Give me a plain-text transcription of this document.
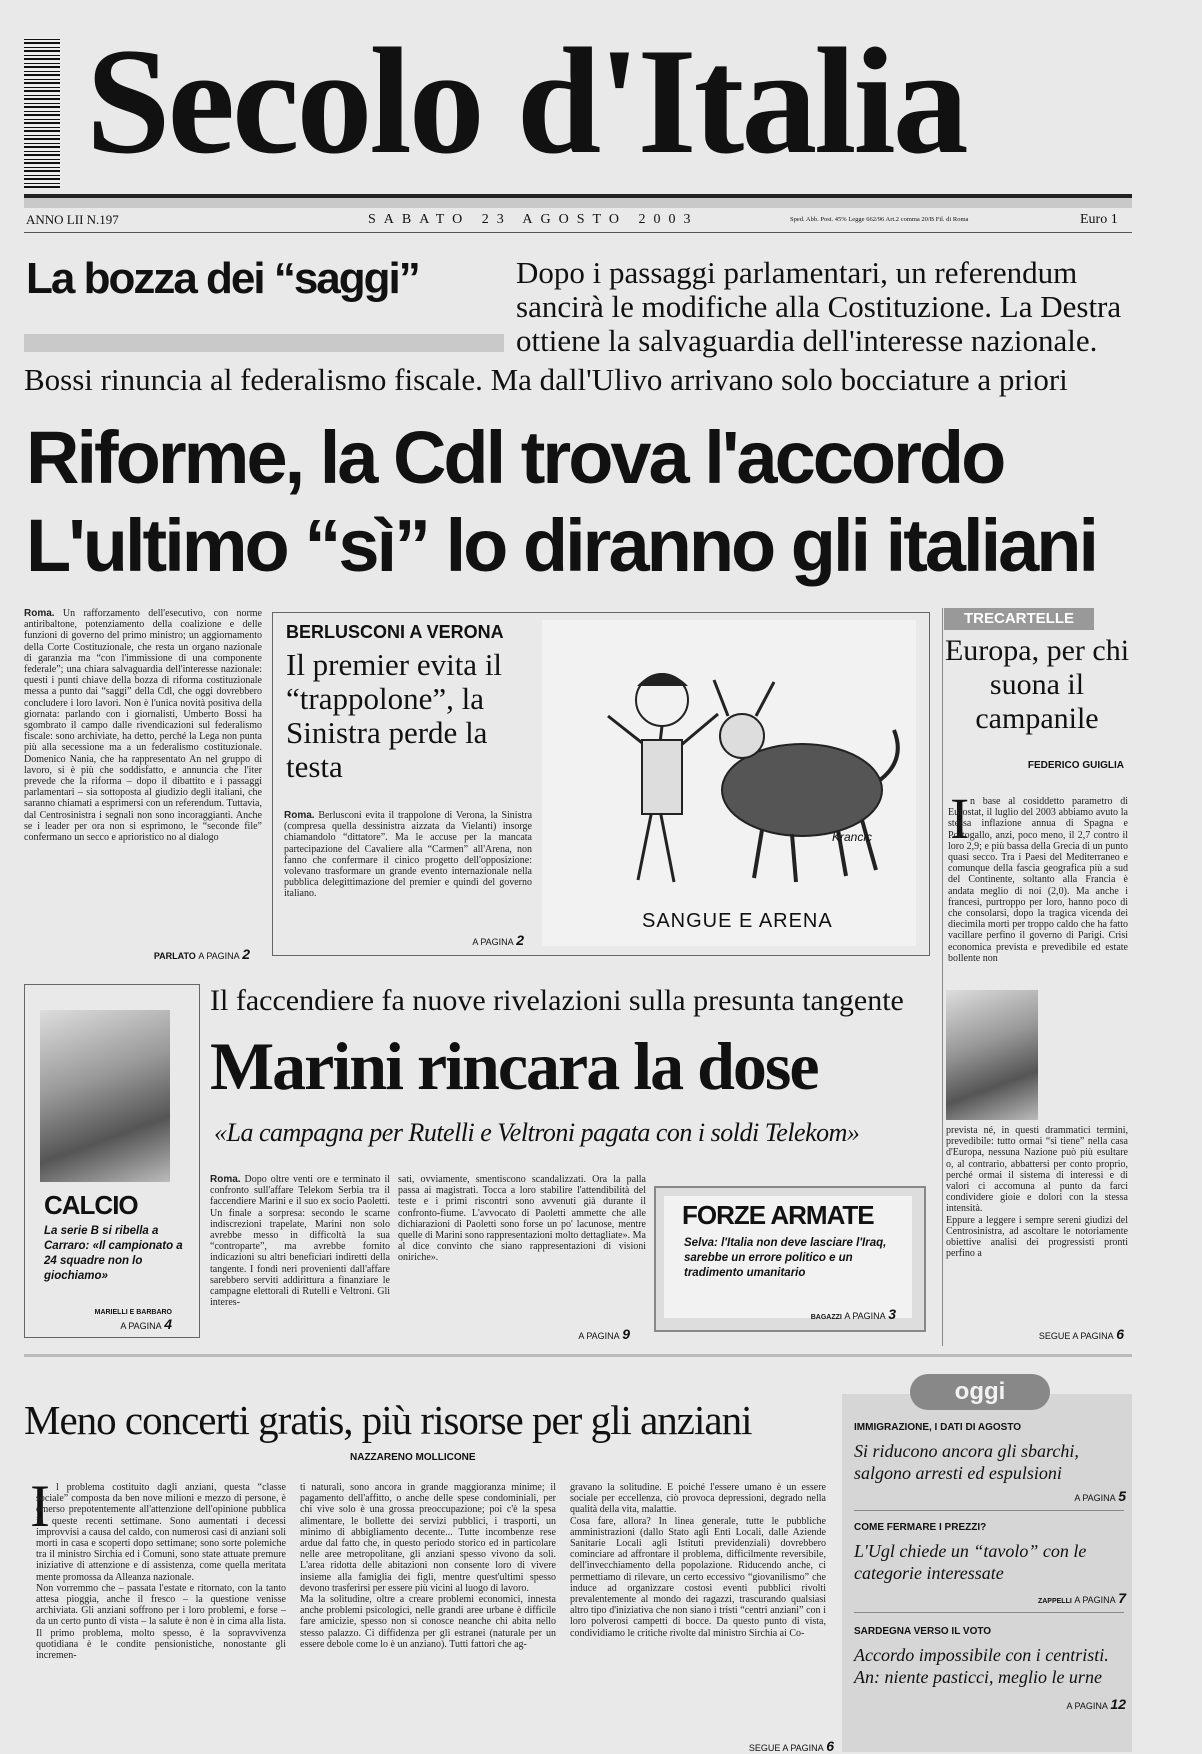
Secolo d'Italia
ANNO LII N.197	SABATO 23 AGOSTO 2003	Sped. Abb. Post. 45% Legge 662/96 Art.2 comma 20/B Fil. di Roma	Euro 1
La bozza dei “saggi”	Dopo i passaggi parlamentari, un referendum sancirà le modifiche alla Costituzione. La Destra ottiene la salvaguardia dell'interesse nazionale.
Bossi rinuncia al federalismo fiscale. Ma dall'Ulivo arrivano solo bocciature a priori
Riforme, la Cdl trova l'accordo
L'ultimo “sì” lo diranno gli italiani
Roma. Un rafforzamento dell'esecutivo, con norme antiribaltone, potenziamento della coalizione e delle funzioni di governo del primo ministro; un aggiornamento della Corte Costituzionale, che resta un organo nazionale di garanzia ma “con l'immissione di una componente federale”; una chiara salvaguardia dell'interesse nazionale: questi i punti chiave della bozza di riforma costituzionale messa a punto dai “saggi” della Cdl, che oggi dovrebbero concludere i loro lavori. Non è l'unica novità positiva della giornata: parlando con i giornalisti, Umberto Bossi ha sgombrato il campo dalle rivendicazioni sul federalismo fiscale: sono archiviate, ha detto, perché la Lega non punta più alla secessione ma a un federalismo costituzionale. Domenico Nania, che ha rappresentato An nel gruppo di lavoro, si è più che soddisfatto, e annuncia che l'iter prevede che la riforma – dopo il dibattito e i passaggi parlamentari – sia sottoposta al giudizio degli italiani, che saranno chiamati a esprimersi con un referendum. Tuttavia, dal Centrosinistra i segnali non sono incoraggianti. Anche se i leader per ora non si esprimono, le “seconde file” confermano un secco e aprioristico no al dialogo
PARLATO A PAGINA 2
BERLUSCONI A VERONA
Il premier evita il “trappolone”, la Sinistra perde la testa
Roma. Berlusconi evita il trappolone di Verona, la Sinistra (compresa quella dessinistra aizzata da Vielanti) insorge chiamandolo “dittatore”. Ma le accuse per la mancata partecipazione del Cavaliere alla “Carmen” all'Arena, non fanno che confermare il cinico progetto dell'opposizione: volevano trasformare un grande evento internazionale nella pubblica delegittimazione del premier e quindi del governo italiano.
A PAGINA 2
Krancic
SANGUE E ARENA
TRECARTELLE
Europa, per chi suona il campanile
FEDERICO GUIGLIA
I n base al cosiddetto parametro di Eurostat, il luglio del 2003 abbiamo avuto la stessa inflazione annua di Spagna e Portogallo, anzi, poco meno, il 2,7 contro il loro 2,9; e più bassa della Grecia di un punto quasi secco. Tra i Paesi del Mediterraneo e comunque della fascia geografica più a sud del Continente, soltanto alla Francia è andata meglio di noi (2,0). Ma anche i francesi, purtroppo per loro, hanno poco di che consolarsi, dopo la tragica vicenda dei diecimila morti per troppo caldo che ha fatto vacillare perfino il governo di Parigi. Crisi economica prevista e prevedibile ed estate bollente non
prevista né, in questi drammatici termini, prevedibile: tutto ormai “si tiene” nella casa d'Europa, nessuna Nazione può più esultare o, al contrario, abbattersi per conto proprio, perché ormai il sistema di interessi e di valori ci accomuna al punto da farci condividere gioie e dolori con la stessa intensità.
Eppure a leggere i sempre sereni giudizi del Centrosinistra, ad ascoltare le notoriamente obiettive analisi dei progressisti pronti perfino a
SEGUE A PAGINA 6
CALCIO
La serie B si ribella a Carraro: «Il campionato a 24 squadre non lo giochiamo»
MARIELLI E BARBARO
A PAGINA 4
Il faccendiere fa nuove rivelazioni sulla presunta tangente
Marini rincara la dose
«La campagna per Rutelli e Veltroni pagata con i soldi Telekom»
Roma. Dopo oltre venti ore e terminato il confronto sull'affare Telekom Serbia tra il faccendiere Marini e il suo ex socio Paoletti. Un finale a sorpresa: secondo le scarne indiscrezioni trapelate, Marini non solo avrebbe messo in difficoltà la sua “controparte”, ma avrebbe fornito indicazioni su altri beneficiari indiretti della tangente. I fondi neri provenienti dall'affare sarebbero serviti addirittura a finanziare le campagne elettorali di Rutelli e Veltroni. Gli interes-
sati, ovviamente, smentiscono scandalizzati. Ora la palla passa ai magistrati. Tocca a loro stabilire l'attendibilità del teste e i primi riscontri sono avvenuti già durante il confronto-fiume. L'avvocato di Paoletti ammette che alle dichiarazioni di Paoletti sono forse un po' lacunose, mentre quelle di Marini sono rappresentazioni molto dettagliate». Ma al dice convinto che siano rappresentazioni di visioni oniriche».
A PAGINA 9
FORZE ARMATE
Selva: l'Italia non deve lasciare l'Iraq, sarebbe un errore politico e un tradimento umanitario
BAGAZZI A PAGINA 3
Meno concerti gratis, più risorse per gli anziani
NAZZARENO MOLLICONE
I l problema costituito dagli anziani, questa “classe sociale” composta da ben nove milioni e mezzo di persone, è emerso prepotentemente all'attenzione dell'opinione pubblica in queste recenti settimane. Sono aumentati i decessi improvvisi a causa del caldo, con numerosi casi di anziani soli morti in casa e scoperti dopo settimane; sono sorte polemiche tra il ministro Sirchia ed i Comuni, sono state attuate premure iniziative di attenzione e di assistenza, come quella meritata mente promossa da Alleanza nazionale.
Non vorremmo che – passata l'estate e ritornato, con la tanto attesa pioggia, anche il fresco – la questione venisse archiviata. Gli anziani soffrono per i loro problemi, e forse – da un certo punto di vista – la salute è non è in cima alla lista. Il primo problema, molto spesso, è la sopravvivenza quotidiana è le condite pensionistiche, nonostante gli incremen-
ti naturali, sono ancora in grande maggioranza minime; il pagamento dell'affitto, o anche delle spese condominiali, per chi vive solo è una grossa preoccupazione; poi c'è la spesa alimentare, le bollette dei servizi pubblici, i trasporti, un minimo di abbigliamento decente... Tutte incombenze rese ardue dal fatto che, in questo periodo storico ed in particolare nelle aree metropolitane, gli anziani spesso vivono da soli. L'area ridotta delle abitazioni non consente loro di vivere insieme alla famiglia dei figli, mentre quest'ultimi spesso devono trasferirsi per essere più vicini al luogo di lavoro.
Ma la solitudine, oltre a creare problemi economici, innesta anche problemi psicologici, nelle grandi aree urbane è difficile fare amicizie, spesso non si conosce neanche chi abita nello stesso palazzo. Ci diffidenza per gli estranei (naturale per un essere debole come lo è un anziano). Tutti fattori che ag-
gravano la solitudine. E poiché l'essere umano è un essere sociale per eccellenza, ciò provoca depressioni, degrado nella qualità della vita, malattie.
Cosa fare, allora? In linea generale, tutte le pubbliche amministrazioni (dallo Stato agli Enti Locali, dalle Aziende Sanitarie Locali agli Istituti previdenziali) dovrebbero cominciare ad affrontare il problema, difficilmente reversibile, dell'invecchiamento della popolazione. Riducendo anche, ci permettiamo di rilevare, un certo eccessivo “giovanilismo” che induce ad organizzare costosi eventi pubblici rivolti prevalentemente al mondo dei ragazzi, trascurando qualsiasi altro tipo d'iniziativa che non siano i tristi “centri anziani” con i loro polverosi campetti di bocce. Da questo punto di vista, condividiamo le critiche rivolte dal ministro Sirchia ai Co-
SEGUE A PAGINA 6
oggi
IMMIGRAZIONE, I DATI DI AGOSTO
Si riducono ancora gli sbarchi, salgono arresti ed espulsioni
A PAGINA 5
COME FERMARE I PREZZI?
L'Ugl chiede un “tavolo” con le categorie interessate
ZAPPELLI A PAGINA 7
SARDEGNA VERSO IL VOTO
Accordo impossibile con i centristi. An: niente pasticci, meglio le urne
A PAGINA 12
